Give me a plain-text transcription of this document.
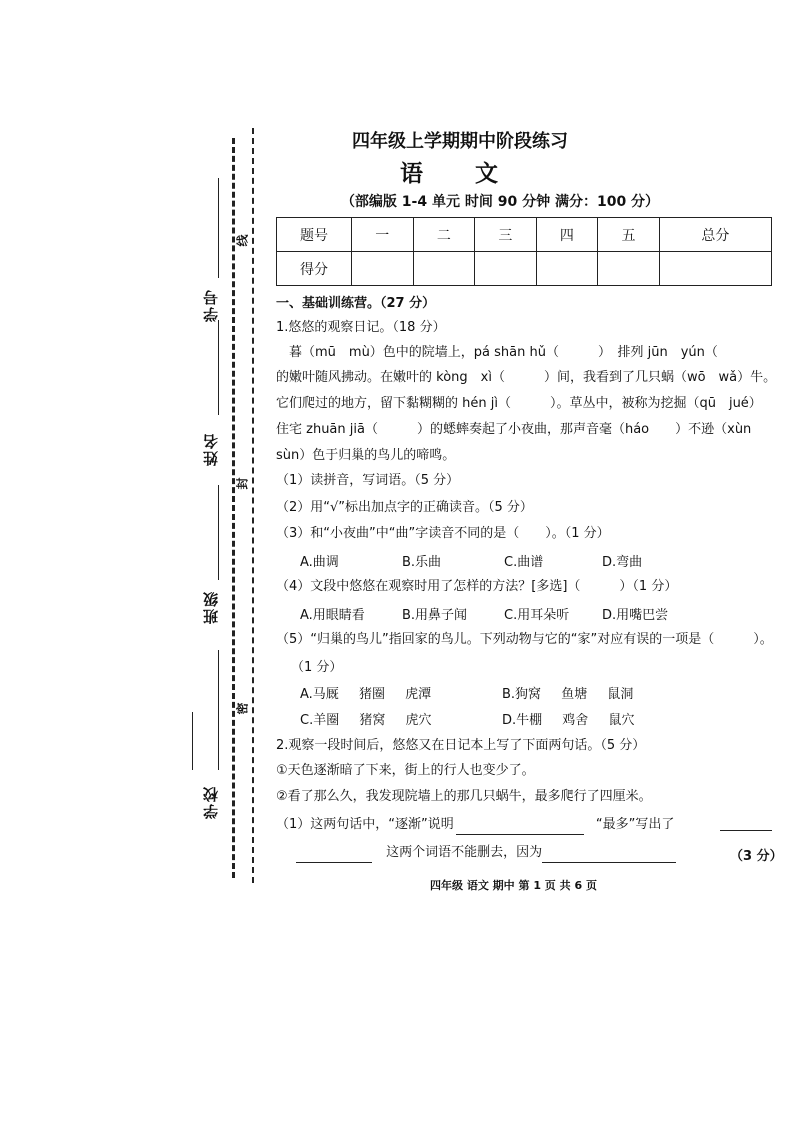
学号
姓名
班级
学校
线
封
密
四年级上学期期中阶段练习
语 文
（部编版 1-4 单元 时间 90 分钟 满分：100 分）
题号	一	二	三	四	五	总分
得分						
一、基础训练营。（27 分）
1.悠悠的观察日记。（18 分）
　暮（mū　mù）色中的院墙上，pá shān hǔ（　　　）　排列 jūn　yún（　　　
的嫩叶随风拂动。在嫩叶的 kòng　xì（　　　）间，我看到了几只蜗（wō　wǎ）牛。
它们爬过的地方，留下黏糊糊的 hén jì（　　　）。草丛中，被称为挖掘（qū　jué）
住宅 zhuān jiā（　　　）的蟋蟀奏起了小夜曲，那声音毫（háo　　）不逊（xùn
sùn）色于归巢的鸟儿的啼鸣。
（1）读拼音，写词语。（5 分）
（2）用“√”标出加点字的正确读音。（5 分）
（3）和“小夜曲”中“曲”字读音不同的是（　　）。（1 分）
A.曲调	B.乐曲	C.曲谱	D.弯曲
（4）文段中悠悠在观察时用了怎样的方法？[多选]（　　　）（1 分）
A.用眼睛看	B.用鼻子闻	C.用耳朵听	D.用嘴巴尝
（5）“归巢的鸟儿”指回家的鸟儿。下列动物与它的“家”对应有误的一项是（　　　）。
（1 分）
A.马厩 猪圈 虎潭	B.狗窝 鱼塘 鼠洞
C.羊圈 猪窝 虎穴	D.牛棚 鸡舍 鼠穴
2.观察一段时间后，悠悠又在日记本上写了下面两句话。（5 分）
①天色逐渐暗了下来，街上的行人也变少了。
②看了那么久，我发现院墙上的那几只蜗牛，最多爬行了四厘米。
（1）这两句话中，“逐渐”说明	“最多”写出了
这两个词语不能删去，因为	（3 分）
四年级 语文 期中 第 1 页 共 6 页
